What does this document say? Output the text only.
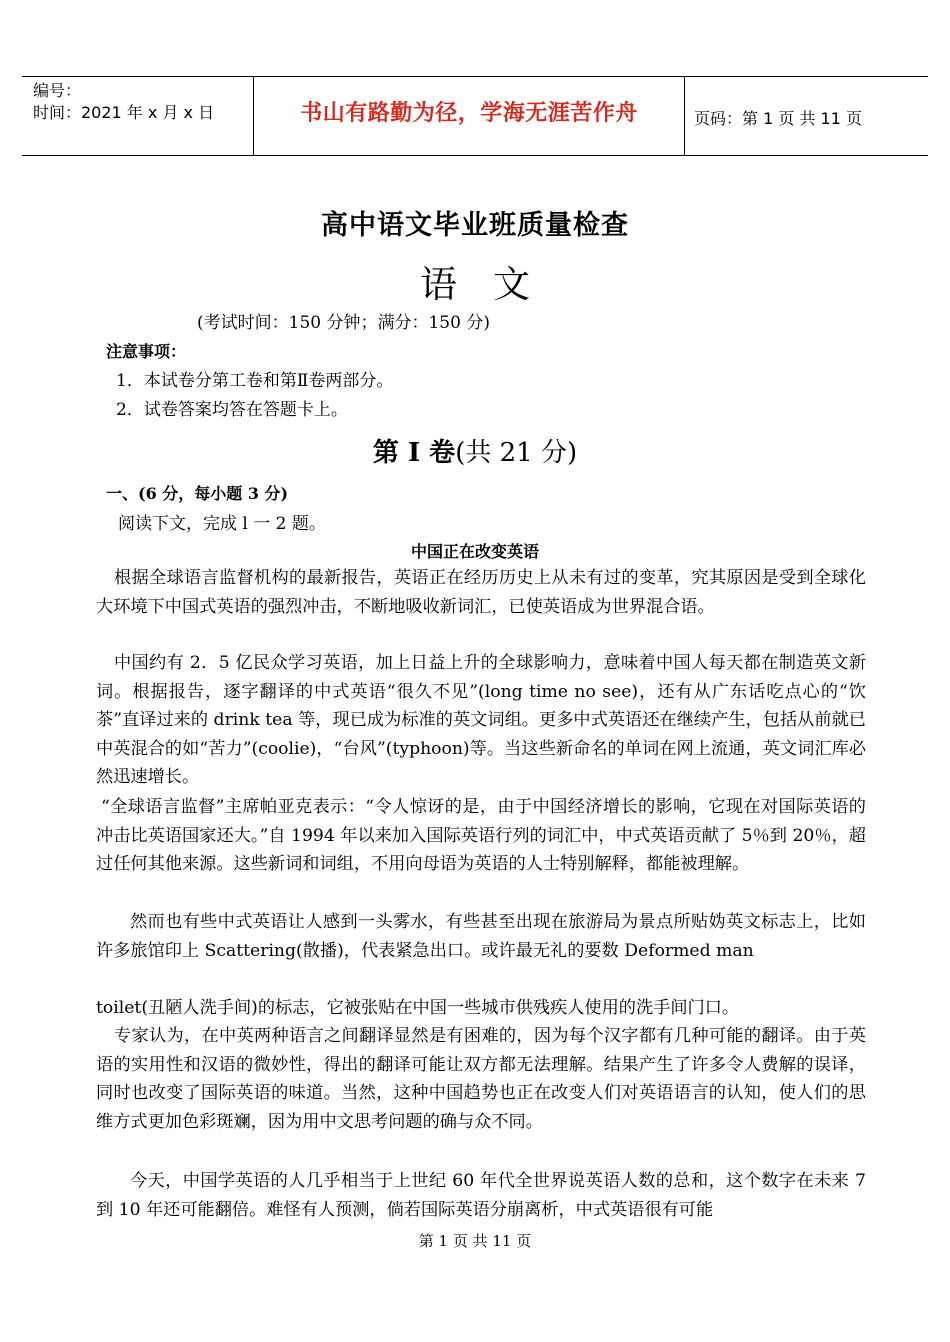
编号：
时间：2021 年 x 月 x 日	书山有路勤为径，学海无涯苦作舟	页码：第 1 页 共 11 页
高中语文毕业班质量检查
语文
(考试时间：150 分钟；满分：150 分)
注意事项：
1．本试卷分第工卷和第Ⅱ卷两部分。
2．试卷答案均答在答题卡上。
第 I 卷(共 21 分)
一、(6 分，每小题 3 分)
阅读下文，完成 l 一 2 题。
中国正在改变英语

根据全球语言监督机构的最新报告，英语正在经历历史上从未有过的变革，究其原因是受到全球化大环境下中国式英语的强烈冲击，不断地吸收新词汇，已使英语成为世界混合语。

中国约有 2．5 亿民众学习英语，加上日益上升的全球影响力，意味着中国人每天都在制造英文新词。根据报告，逐字翻译的中式英语“很久不见”(long time no see)，还有从广东话吃点心的“饮茶”直译过来的 drink tea 等，现已成为标准的英文词组。更多中式英语还在继续产生，包括从前就已中英混合的如“苦力”(coolie)，“台风”(typhoon)等。当这些新命名的单词在网上流通，英文词汇库必然迅速增长。

“全球语言监督”主席帕亚克表示：“令人惊讶的是，由于中国经济增长的影响，它现在对国际英语的冲击比英语国家还大。”自 1994 年以来加入国际英语行列的词汇中，中式英语贡献了 5％到 20％，超过任何其他来源。这些新词和词组，不用向母语为英语的人士特别解释，都能被理解。

然而也有些中式英语让人感到一头雾水，有些甚至出现在旅游局为景点所贴妫英文标志上，比如许多旅馆印上 Scattering(散播)，代表紧急出口。或许最无礼的要数 Deformed man

toilet(丑陋人洗手间)的标志，它被张贴在中国一些城市供残疾人使用的洗手间门口。

专家认为，在中英两种语言之间翻译显然是有困难的，因为每个汉字都有几种可能的翻译。由于英语的实用性和汉语的微妙性，得出的翻译可能让双方都无法理解。结果产生了许多令人费解的误译，同时也改变了国际英语的味道。当然，这种中国趋势也正在改变人们对英语语言的认知，使人们的思维方式更加色彩斑斓，因为用中文思考问题的确与众不同。

今天，中国学英语的人几乎相当于上世纪 60 年代全世界说英语人数的总和，这个数字在未来 7 到 10 年还可能翻倍。难怪有人预测，倘若国际英语分崩离析，中式英语很有可能

第 1 页 共 11 页
